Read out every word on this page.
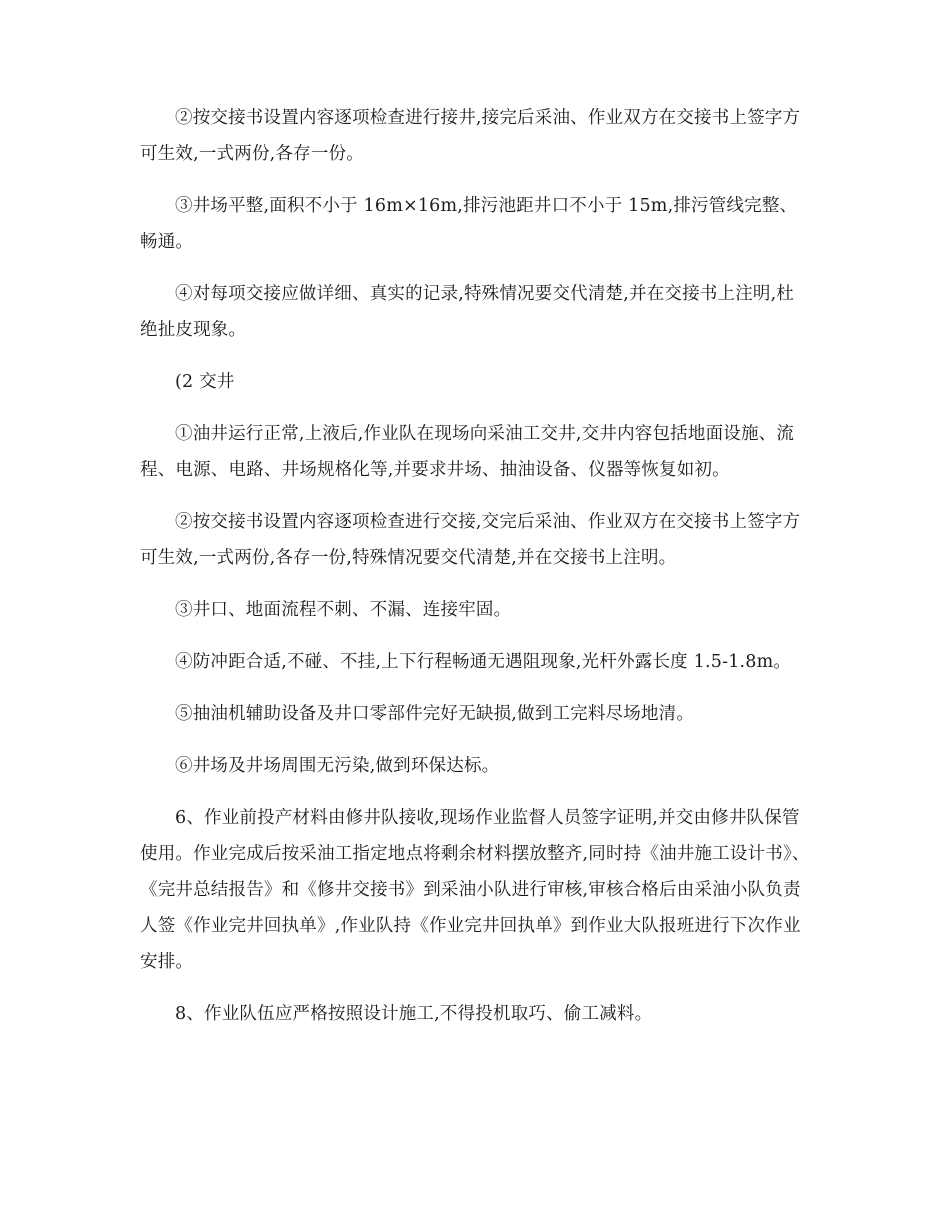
②按交接书设置内容逐项检查进行接井,接完后采油、作业双方在交接书上签字方可生效,一式两份,各存一份。

③井场平整,面积不小于 16m×16m,排污池距井口不小于 15m,排污管线完整、畅通。

④对每项交接应做详细、真实的记录,特殊情况要交代清楚,并在交接书上注明,杜绝扯皮现象。

(2 交井

①油井运行正常,上液后,作业队在现场向采油工交井,交井内容包括地面设施、流程、电源、电路、井场规格化等,并要求井场、抽油设备、仪器等恢复如初。

②按交接书设置内容逐项检查进行交接,交完后采油、作业双方在交接书上签字方可生效,一式两份,各存一份,特殊情况要交代清楚,并在交接书上注明。

③井口、地面流程不刺、不漏、连接牢固。

④防冲距合适,不碰、不挂,上下行程畅通无遇阻现象,光杆外露长度 1.5-1.8m。

⑤抽油机辅助设备及井口零部件完好无缺损,做到工完料尽场地清。

⑥井场及井场周围无污染,做到环保达标。

6、作业前投产材料由修井队接收,现场作业监督人员签字证明,并交由修井队保管使用。作业完成后按采油工指定地点将剩余材料摆放整齐,同时持《油井施工设计书》、《完井总结报告》和《修井交接书》到采油小队进行审核,审核合格后由采油小队负责人签《作业完井回执单》,作业队持《作业完井回执单》到作业大队报班进行下次作业安排。

8、作业队伍应严格按照设计施工,不得投机取巧、偷工减料。
